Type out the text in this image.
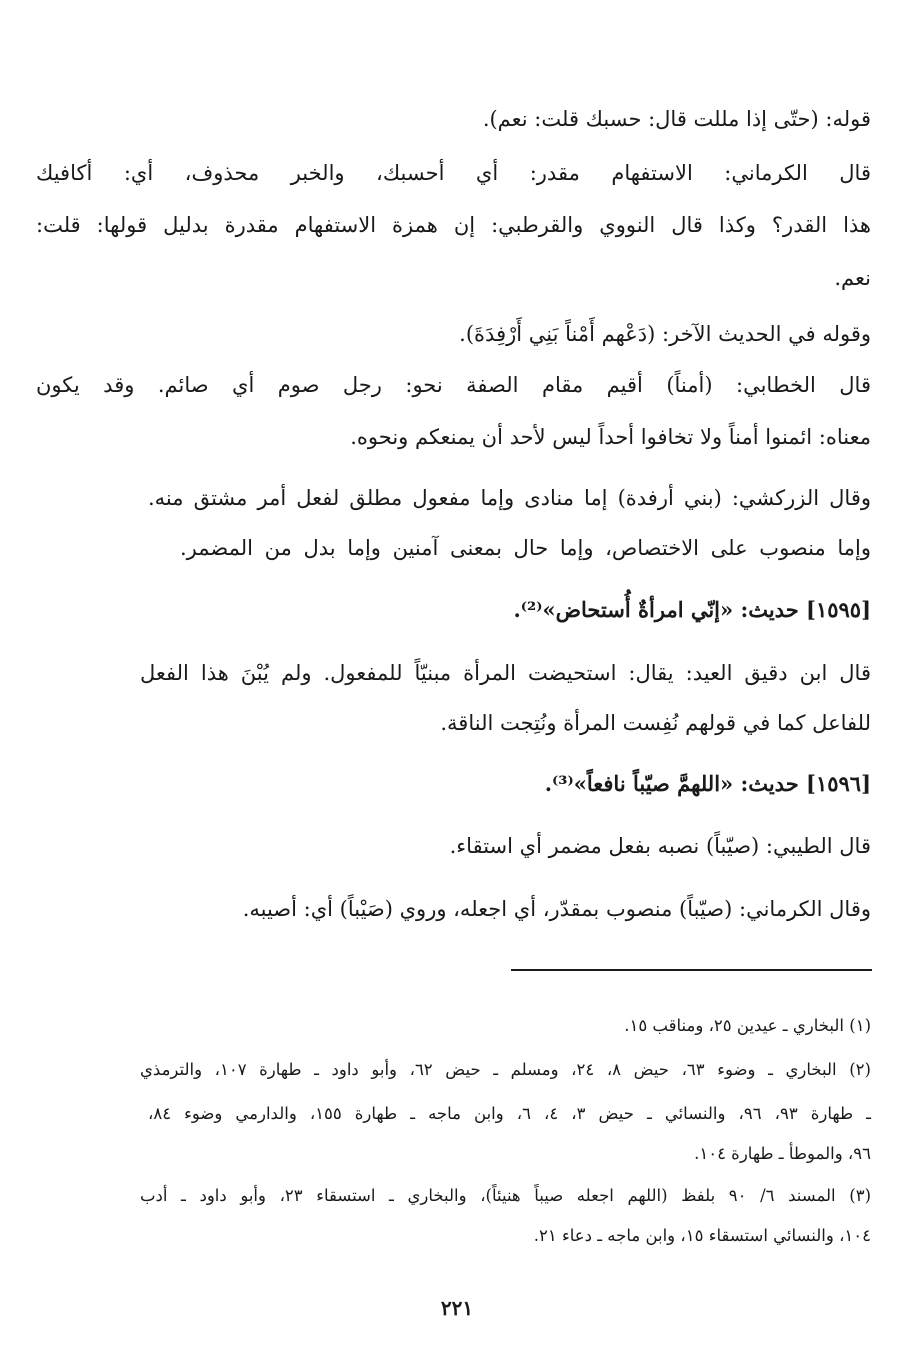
قوله: (حتّى إذا مللت قال: حسبك قلت: نعم).
قال الكرماني: الاستفهام مقدر: أي أحسبك، والخبر محذوف، أي: أكافيك
هذا القدر؟ وكذا قال النووي والقرطبي: إن همزة الاستفهام مقدرة بدليل قولها: قلت:
نعم.
وقوله في الحديث الآخر: (دَعْهم أَمْناً بَنِي أَرْفِدَةَ).
قال الخطابي: (أمناً) أقيم مقام الصفة نحو: رجل صوم أي صائم. وقد يكون
معناه: ائمنوا أمناً ولا تخافوا أحداً ليس لأحد أن يمنعكم ونحوه.
وقال الزركشي: (بني أرفدة) إما منادى وإما مفعول مطلق لفعل أمر مشتق منه.
وإما منصوب على الاختصاص، وإما حال بمعنى آمنين وإما بدل من المضمر.
[١٥٩٥] حديث: «إنّي امرأةٌ أُستحاض»⁽²⁾.
قال ابن دقيق العيد: يقال: استحيضت المرأة مبنيّاً للمفعول. ولم يُبْنَ هذا الفعل
للفاعل كما في قولهم نُفِست المرأة ونُتِجت الناقة.
[١٥٩٦] حديث: «اللهمَّ صيّباً نافعاً»⁽³⁾.
قال الطيبي: (صيّباً) نصبه بفعل مضمر أي استقاء.
وقال الكرماني: (صيّباً) منصوب بمقدّر، أي اجعله، وروي (صَيْباً) أي: أصيبه.
(١) البخاري ـ عيدين ٢٥، ومناقب ١٥.
(٢) البخاري ـ وضوء ٦٣، حيض ٨، ٢٤، ومسلم ـ حيض ٦٢، وأبو داود ـ طهارة ١٠٧، والترمذي
ـ طهارة ٩٣، ٩٦، والنسائي ـ حيض ٣، ٤، ٦، وابن ماجه ـ طهارة ١٥٥، والدارمي وضوء ٨٤،
٩٦، والموطأ ـ طهارة ١٠٤.
(٣) المسند ٦/ ٩٠ بلفظ (اللهم اجعله صيباً هنيئاً)، والبخاري ـ استسقاء ٢٣، وأبو داود ـ أدب
١٠٤، والنسائي استسقاء ١٥، وابن ماجه ـ دعاء ٢١.
٢٢١
